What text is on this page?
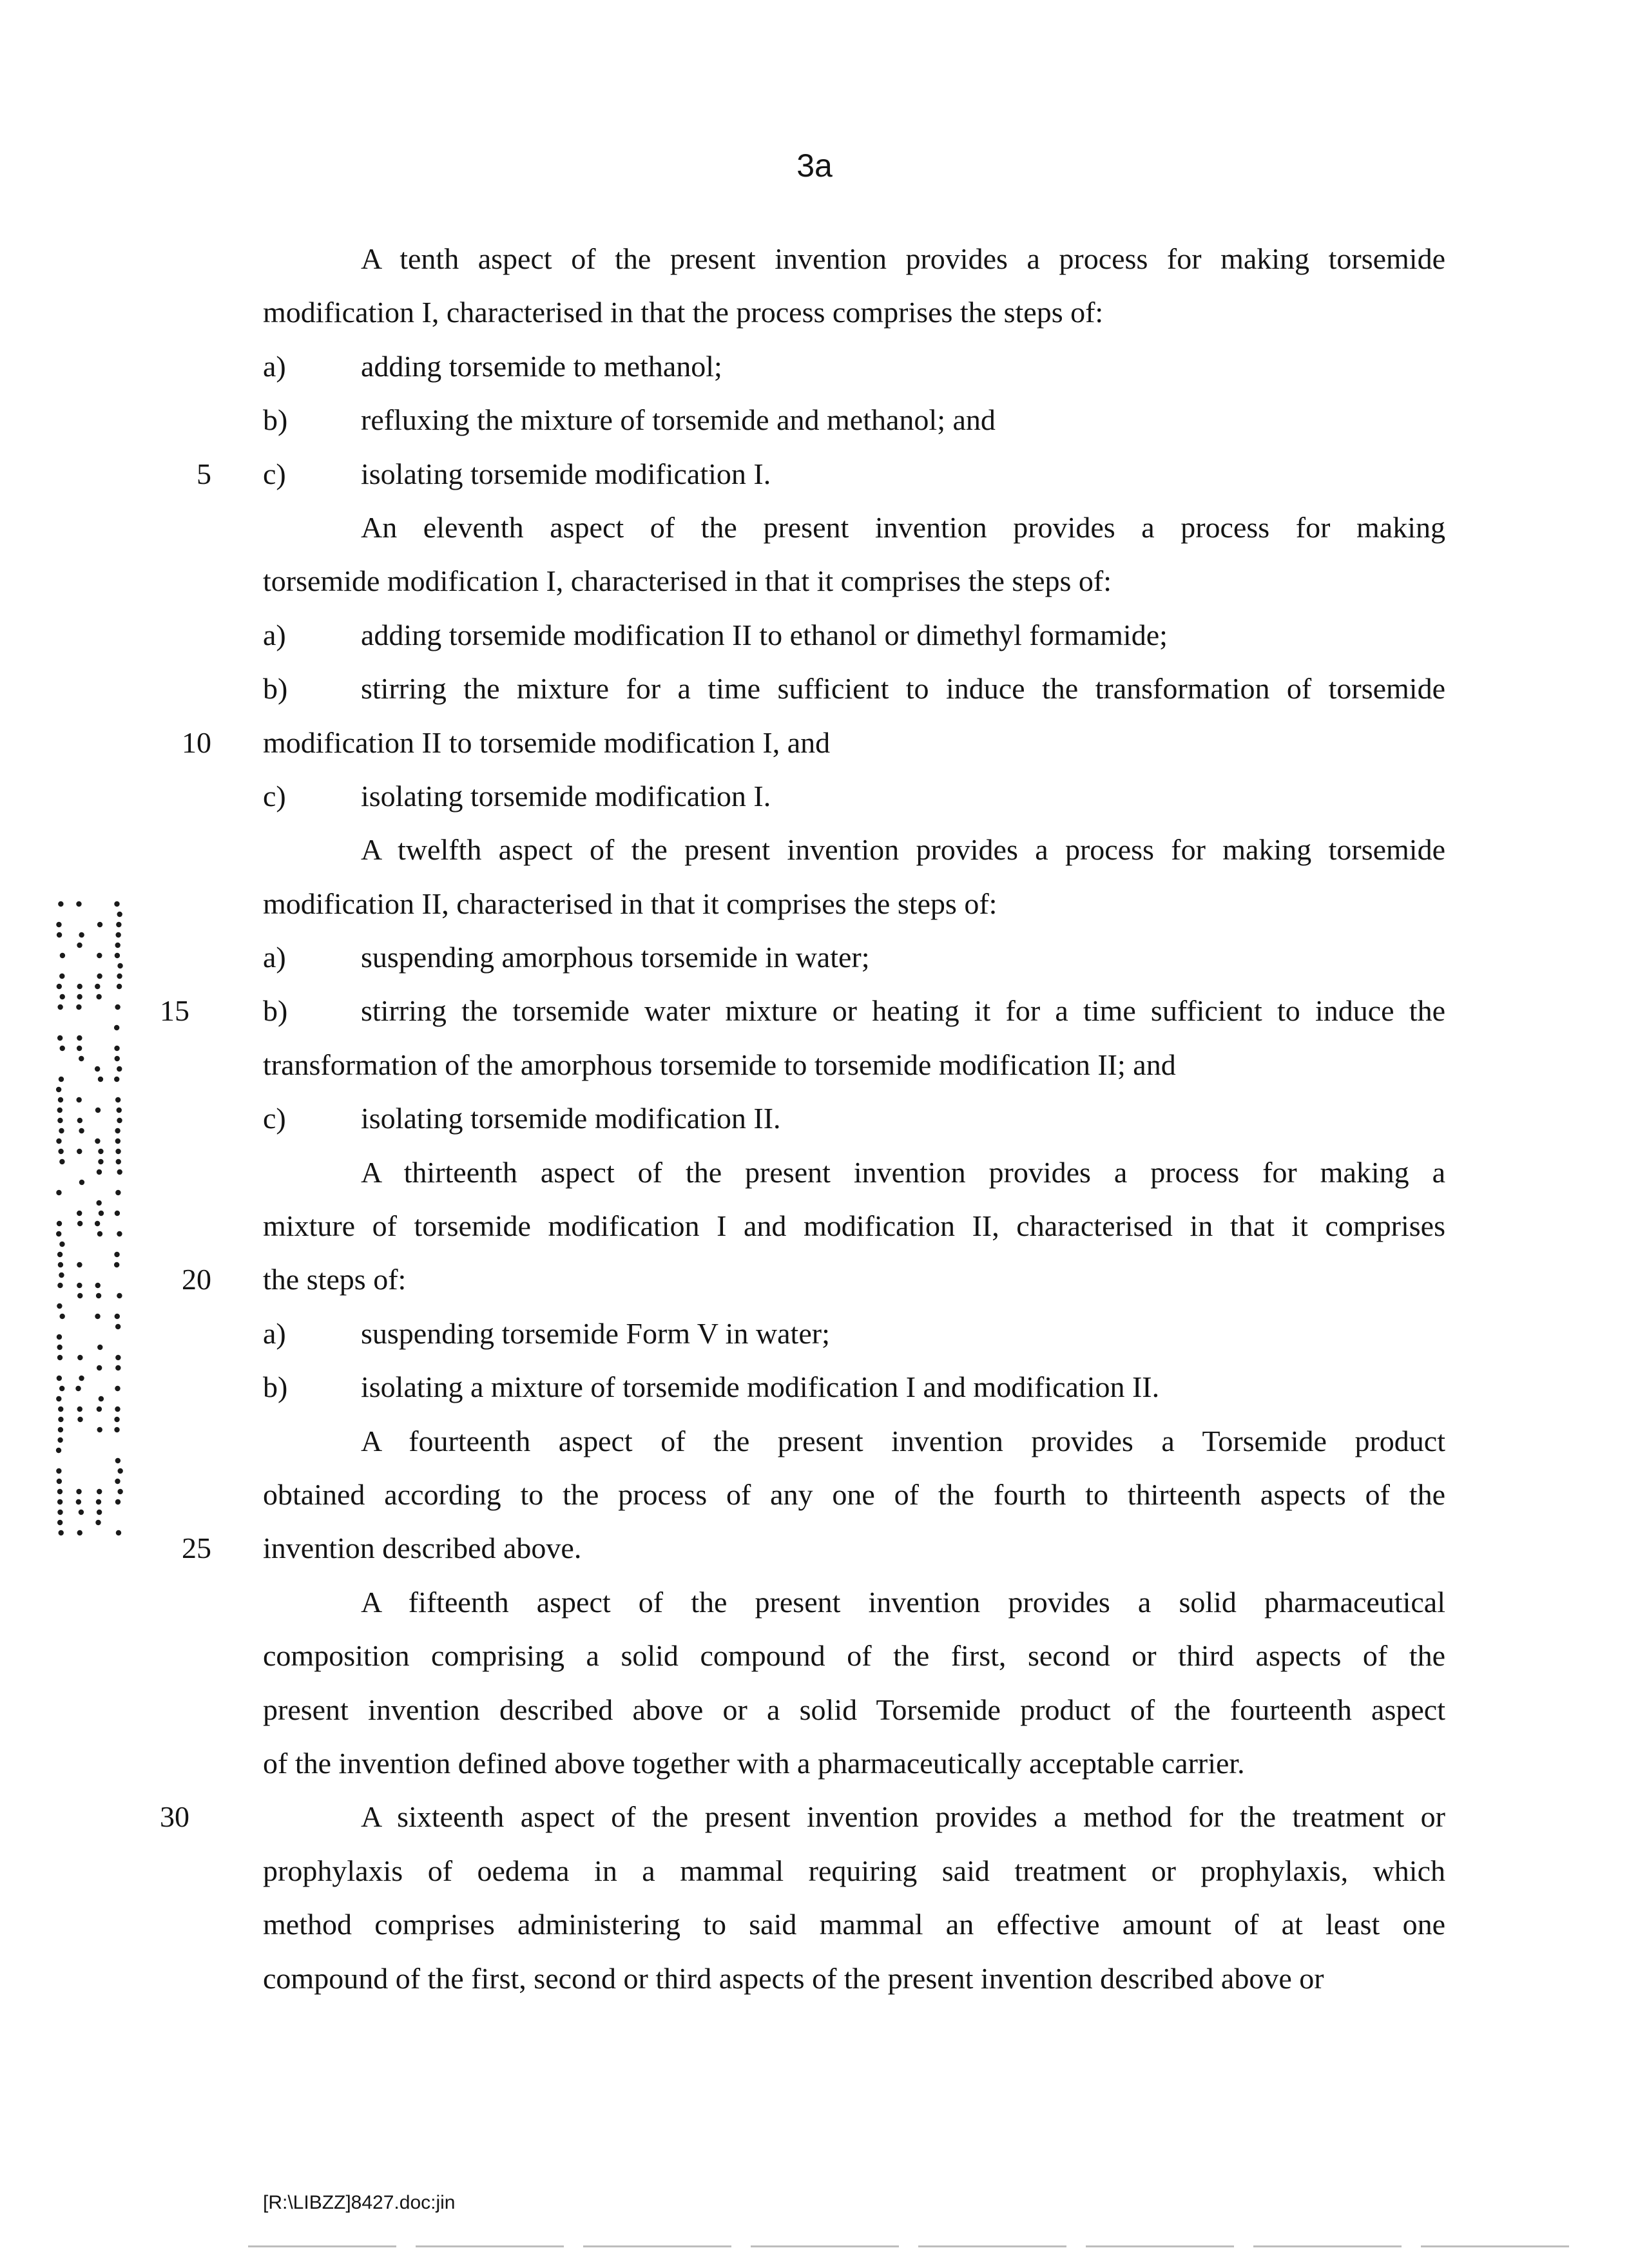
3a
A tenth aspect of the present invention provides a process for making torsemide
modification I, characterised in that the process comprises the steps of:
a)	adding torsemide to methanol;
b) refluxing the mixture of torsemide and methanol; and
5 c)	isolating torsemide modification I.
An eleventh aspect of the present invention provides a process for making
torsemide modification I, characterised in that it comprises the steps of:
a)	adding torsemide modification II to ethanol or dimethyl formamide;
b) stirring the mixture for a time sufficient to induce the transformation of torsemide
10 modification II to torsemide modification I, and
c)	isolating torsemide modification I.
A twelfth aspect of the present invention provides a process for making torsemide
modification II, characterised in that it comprises the steps of:
a)	suspending amorphous torsemide in water;
15	b) stirring the torsemide water mixture or heating it for a time sufficient to induce the
transformation of the amorphous torsemide to torsemide modification II; and
c)	isolating torsemide modification II.
A thirteenth aspect of the present invention provides a process for making a
mixture of torsemide modification I and modification II, characterised in that it comprises
20 the steps of:
a)	suspending torsemide Form V in water;
b) isolating a mixture of torsemide modification I and modification II.
A fourteenth aspect of the present invention provides a Torsemide product
obtained according to the process of any one of the fourth to thirteenth aspects of the
25 invention described above.
A fifteenth aspect of the present invention provides a solid pharmaceutical
composition comprising a solid compound of the first, second or third aspects of the
present invention described above or a solid Torsemide product of the fourteenth aspect
of the invention defined above together with a pharmaceutically acceptable carrier.
30	A sixteenth aspect of the present invention provides a method for the treatment or
prophylaxis of oedema in a mammal requiring said treatment or prophylaxis, which
method comprises administering to said mammal an effective amount of at least one
compound of the first, second or third aspects of the present invention described above or
[R:\LIBZZ]8427.doc:jin
